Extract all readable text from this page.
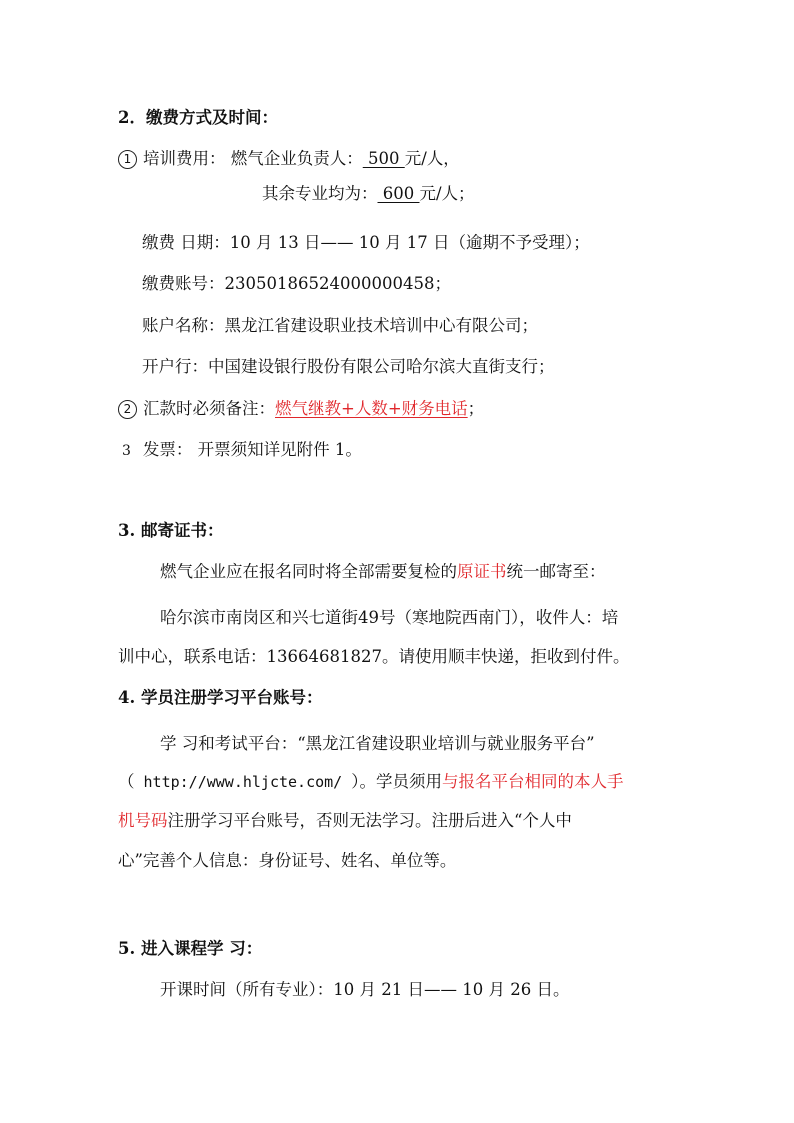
2．缴费方式及时间：
1 培训费用： 燃气企业负责人： 500 元/人，
其余专业均为： 600 元/人；
缴费 日期：10 月 13 日—— 10 月 17 日（逾期不予受理）；
缴费账号：23050186524000000458；
账户名称：黑龙江省建设职业技术培训中心有限公司；
开户行：中国建设银行股份有限公司哈尔滨大直街支行；
2 汇款时必须备注：燃气继教+人数+财务电话；
3 发票： 开票须知详见附件 1。
3. 邮寄证书：
燃气企业应在报名同时将全部需要复检的原证书统一邮寄至：
哈尔滨市南岗区和兴七道街49号（寒地院西南门），收件人：培
训中心，联系电话：13664681827。请使用顺丰快递，拒收到付件。
4. 学员注册学习平台账号：
学 习和考试平台：“黑龙江省建设职业培训与就业服务平台”
（ http://www.hljcte.com/ ）。学员须用与报名平台相同的本人手
机号码注册学习平台账号，否则无法学习。注册后进入“个人中
心”完善个人信息：身份证号、姓名、单位等。
5. 进入课程学 习：
开课时间（所有专业）：10 月 21 日—— 10 月 26 日。
